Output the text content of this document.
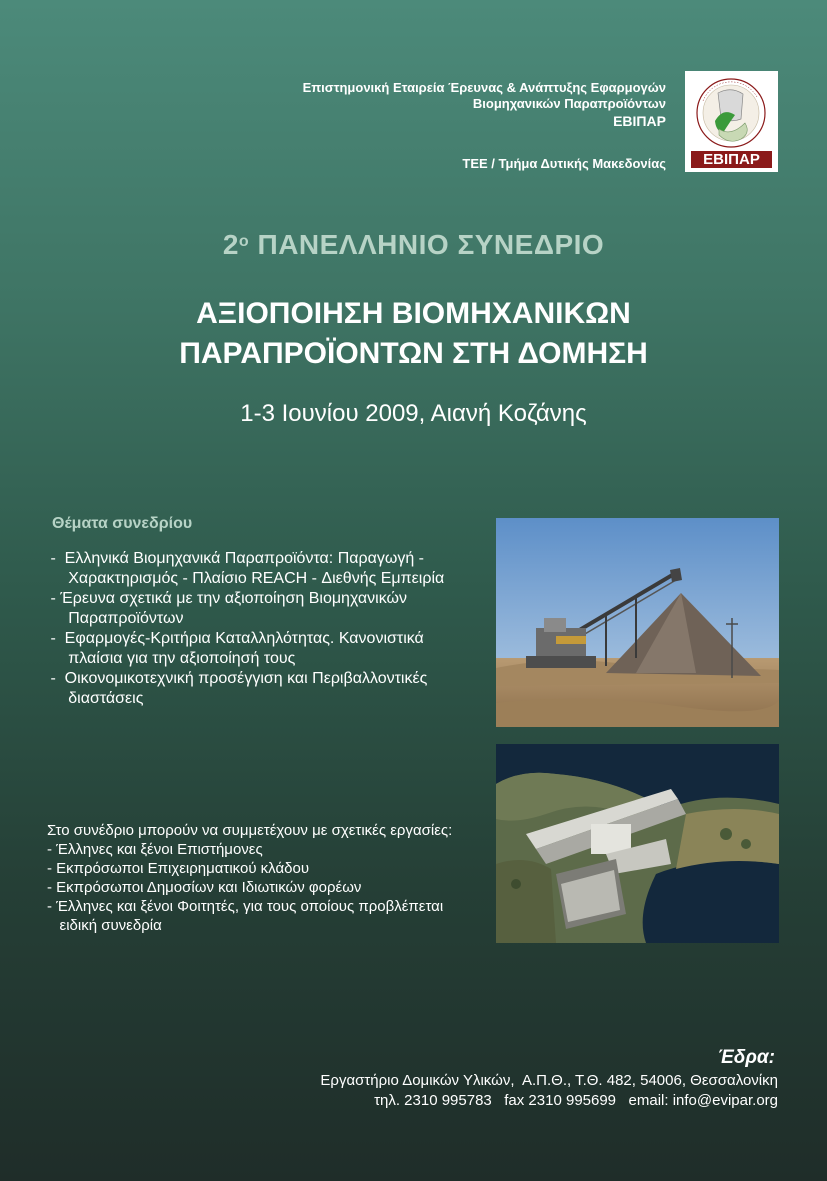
Επιστημονική Εταιρεία Έρευνας & Ανάπτυξης Εφαρμογών
Βιομηχανικών Παραπροϊόντων
ΕΒΙΠΑΡ
ΤΕΕ / Τμήμα Δυτικής Μακεδονίας ΕΒΙΠΑΡ
$2^o$ ΠΑΝΕΛΛΗΝΙΟ ΣΥΝΕΔΡΙΟ
ΑΞΙΟΠΟΙΗΣΗ ΒΙΟΜΗΧΑΝΙΚΩΝ
ΠΑΡΑΠΡΟΪΟΝΤΩΝ ΣΤΗ ΔΟΜΗΣΗ
1-3 Ιουνίου 2009, Αιανή Κοζάνης
Θέματα συνεδρίου
-  Ελληνικά Βιομηχανικά Παραπροϊόντα: Παραγωγή -
Χαρακτηρισμός - Πλαίσιο REACH - Διεθνής Εμπειρία
- Έρευνα σχετικά με την αξιοποίηση Βιομηχανικών
Παραπροϊόντων
-  Εφαρμογές-Κριτήρια Καταλληλότητας. Κανονιστικά
πλαίσια για την αξιοποίησή τους
-  Οικονομικοτεχνική προσέγγιση και Περιβαλλοντικές
διαστάσεις
Στο συνέδριο μπορούν να συμμετέχουν με σχετικές εργασίες:
- Έλληνες και ξένοι Επιστήμονες
- Εκπρόσωποι Επιχειρηματικού κλάδου
- Εκπρόσωποι Δημοσίων και Ιδιωτικών φορέων
- Έλληνες και ξένοι Φοιτητές, για τους οποίους προβλέπεται
ειδική συνεδρία
Έδρα:
Εργαστήριο Δομικών Υλικών,  Α.Π.Θ., Τ.Θ. 482, 54006, Θεσσαλονίκη
τηλ. 2310 995783   fax 2310 995699   email: info@evipar.org
